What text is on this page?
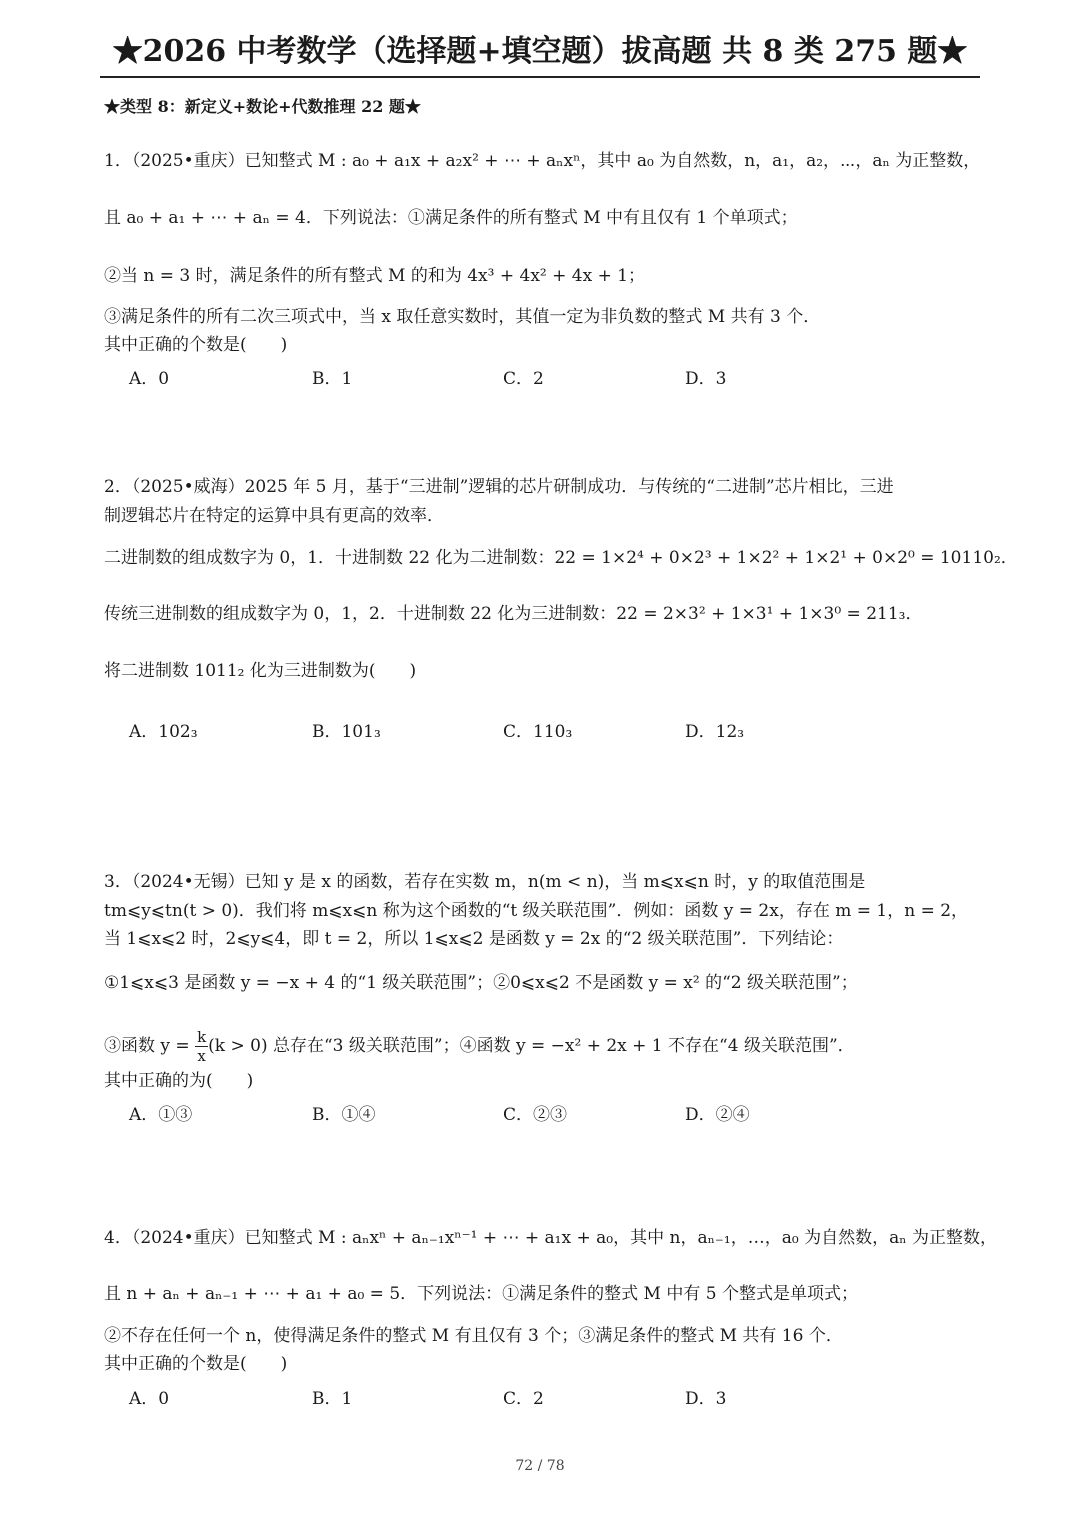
★2026 中考数学（选择题+填空题）拔高题 共 8 类 275 题★
★类型 8：新定义+数论+代数推理 22 题★
1．（2025•重庆）已知整式 M : a₀ + a₁x + a₂x² + ⋯ + aₙxⁿ，其中 a₀ 为自然数，n，a₁，a₂，⋯，aₙ 为正整数，
且 a₀ + a₁ + ⋯ + aₙ = 4．下列说法：①满足条件的所有整式 M 中有且仅有 1 个单项式；
②当 n = 3 时，满足条件的所有整式 M 的和为 4x³ + 4x² + 4x + 1；
③满足条件的所有二次三项式中，当 x 取任意实数时，其值一定为非负数的整式 M 共有 3 个．
其中正确的个数是(　　)
A．0	B．1	C．2	D．3
2．（2025•威海）2025 年 5 月，基于“三进制”逻辑的芯片研制成功．与传统的“二进制”芯片相比，三进
制逻辑芯片在特定的运算中具有更高的效率．
二进制数的组成数字为 0，1．十进制数 22 化为二进制数：22 = 1×2⁴ + 0×2³ + 1×2² + 1×2¹ + 0×2⁰ = 10110₂．
传统三进制数的组成数字为 0，1，2．十进制数 22 化为三进制数：22 = 2×3² + 1×3¹ + 1×3⁰ = 211₃．
将二进制数 1011₂ 化为三进制数为(　　)
A．102₃	B．101₃	C．110₃	D．12₃
3．（2024•无锡）已知 y 是 x 的函数，若存在实数 m，n(m < n)，当 m⩽x⩽n 时，y 的取值范围是
tm⩽y⩽tn(t > 0)．我们将 m⩽x⩽n 称为这个函数的“t 级关联范围”．例如：函数 y = 2x，存在 m = 1，n = 2，
当 1⩽x⩽2 时，2⩽y⩽4，即 t = 2，所以 1⩽x⩽2 是函数 y = 2x 的“2 级关联范围”．下列结论：
①1⩽x⩽3 是函数 y = −x + 4 的“1 级关联范围”；②0⩽x⩽2 不是函数 y = x² 的“2 级关联范围”；
③函数 $y = \frac{k}{x} (k > 0)$ 总存在“3 级关联范围”；④函数 y = −x² + 2x + 1 不存在“4 级关联范围”．
其中正确的为(　　)
A．①③	B．①④	C．②③	D．②④
4．（2024•重庆）已知整式 M : aₙxⁿ + aₙ₋₁xⁿ⁻¹ + ⋯ + a₁x + a₀，其中 n，aₙ₋₁，…，a₀ 为自然数，aₙ 为正整数，
且 n + aₙ + aₙ₋₁ + ⋯ + a₁ + a₀ = 5．下列说法：①满足条件的整式 M 中有 5 个整式是单项式；
②不存在任何一个 n，使得满足条件的整式 M 有且仅有 3 个；③满足条件的整式 M 共有 16 个．
其中正确的个数是(　　)
A．0	B．1	C．2	D．3
72 / 78
